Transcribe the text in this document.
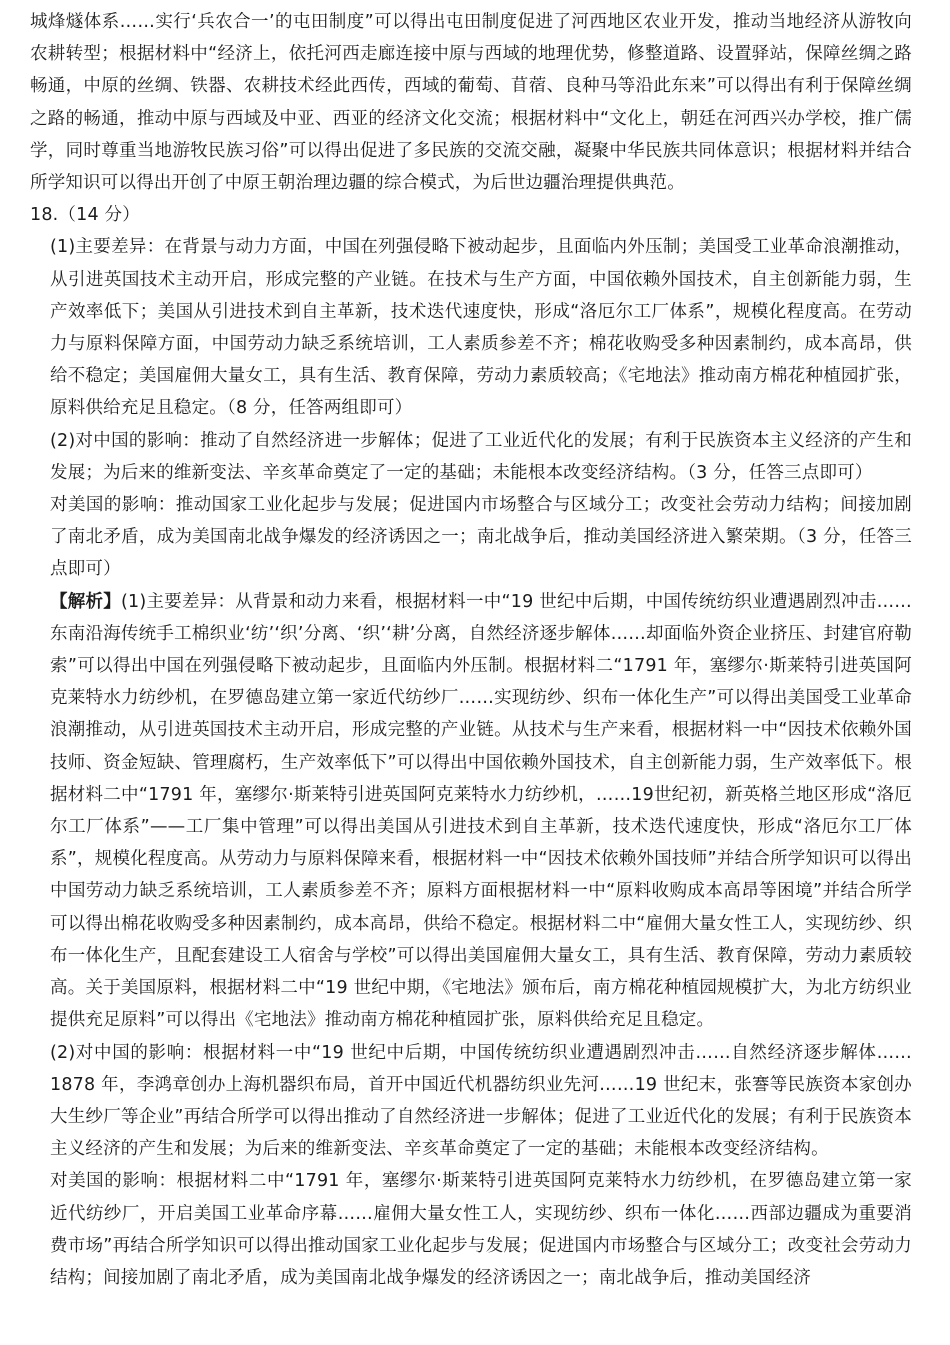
城烽燧体系……实行‘兵农合一’的屯田制度”可以得出屯田制度促进了河西地区农业开发，推动当地经济从游牧向农耕转型；根据材料中“经济上，依托河西走廊连接中原与西域的地理优势，修整道路、设置驿站，保障丝绸之路畅通，中原的丝绸、铁器、农耕技术经此西传，西域的葡萄、苜蓿、良种马等沿此东来”可以得出有利于保障丝绸之路的畅通，推动中原与西域及中亚、西亚的经济文化交流；根据材料中“文化上，朝廷在河西兴办学校，推广儒学，同时尊重当地游牧民族习俗”可以得出促进了多民族的交流交融，凝聚中华民族共同体意识；根据材料并结合所学知识可以得出开创了中原王朝治理边疆的综合模式，为后世边疆治理提供典范。

18.（14 分）

(1)主要差异：在背景与动力方面，中国在列强侵略下被动起步，且面临内外压制；美国受工业革命浪潮推动，从引进英国技术主动开启，形成完整的产业链。在技术与生产方面，中国依赖外国技术，自主创新能力弱，生产效率低下；美国从引进技术到自主革新，技术迭代速度快，形成“洛厄尔工厂体系”，规模化程度高。在劳动力与原料保障方面，中国劳动力缺乏系统培训，工人素质参差不齐；棉花收购受多种因素制约，成本高昂，供给不稳定；美国雇佣大量女工，具有生活、教育保障，劳动力素质较高；《宅地法》推动南方棉花种植园扩张，原料供给充足且稳定。（8 分，任答两组即可）

(2)对中国的影响：推动了自然经济进一步解体；促进了工业近代化的发展；有利于民族资本主义经济的产生和发展；为后来的维新变法、辛亥革命奠定了一定的基础；未能根本改变经济结构。（3 分，任答三点即可）

对美国的影响：推动国家工业化起步与发展；促进国内市场整合与区域分工；改变社会劳动力结构；间接加剧了南北矛盾，成为美国南北战争爆发的经济诱因之一；南北战争后，推动美国经济进入繁荣期。（3 分，任答三点即可）

【解析】(1)主要差异：从背景和动力来看，根据材料一中“19 世纪中后期，中国传统纺织业遭遇剧烈冲击……东南沿海传统手工棉织业‘纺’‘织’分离、‘织’‘耕’分离，自然经济逐步解体……却面临外资企业挤压、封建官府勒索”可以得出中国在列强侵略下被动起步，且面临内外压制。根据材料二“1791 年，塞缪尔·斯莱特引进英国阿克莱特水力纺纱机，在罗德岛建立第一家近代纺纱厂……实现纺纱、织布一体化生产”可以得出美国受工业革命浪潮推动，从引进英国技术主动开启，形成完整的产业链。从技术与生产来看，根据材料一中“因技术依赖外国技师、资金短缺、管理腐朽，生产效率低下”可以得出中国依赖外国技术，自主创新能力弱，生产效率低下。根据材料二中“1791 年，塞缪尔·斯莱特引进英国阿克莱特水力纺纱机，……19世纪初，新英格兰地区形成“洛厄尔工厂体系”——工厂集中管理”可以得出美国从引进技术到自主革新，技术迭代速度快，形成“洛厄尔工厂体系”，规模化程度高。从劳动力与原料保障来看，根据材料一中“因技术依赖外国技师”并结合所学知识可以得出中国劳动力缺乏系统培训，工人素质参差不齐；原料方面根据材料一中“原料收购成本高昂等困境”并结合所学可以得出棉花收购受多种因素制约，成本高昂，供给不稳定。根据材料二中“雇佣大量女性工人，实现纺纱、织布一体化生产，且配套建设工人宿舍与学校”可以得出美国雇佣大量女工，具有生活、教育保障，劳动力素质较高。关于美国原料，根据材料二中“19 世纪中期，《宅地法》颁布后，南方棉花种植园规模扩大，为北方纺织业提供充足原料”可以得出《宅地法》推动南方棉花种植园扩张，原料供给充足且稳定。

(2)对中国的影响：根据材料一中“19 世纪中后期，中国传统纺织业遭遇剧烈冲击……自然经济逐步解体……1878 年，李鸿章创办上海机器织布局，首开中国近代机器纺织业先河……19 世纪末，张謇等民族资本家创办大生纱厂等企业”再结合所学可以得出推动了自然经济进一步解体；促进了工业近代化的发展；有利于民族资本主义经济的产生和发展；为后来的维新变法、辛亥革命奠定了一定的基础；未能根本改变经济结构。

对美国的影响：根据材料二中“1791 年，塞缪尔·斯莱特引进英国阿克莱特水力纺纱机，在罗德岛建立第一家近代纺纱厂，开启美国工业革命序幕……雇佣大量女性工人，实现纺纱、织布一体化……西部边疆成为重要消费市场”再结合所学知识可以得出推动国家工业化起步与发展；促进国内市场整合与区域分工；改变社会劳动力结构；间接加剧了南北矛盾，成为美国南北战争爆发的经济诱因之一；南北战争后，推动美国经济
